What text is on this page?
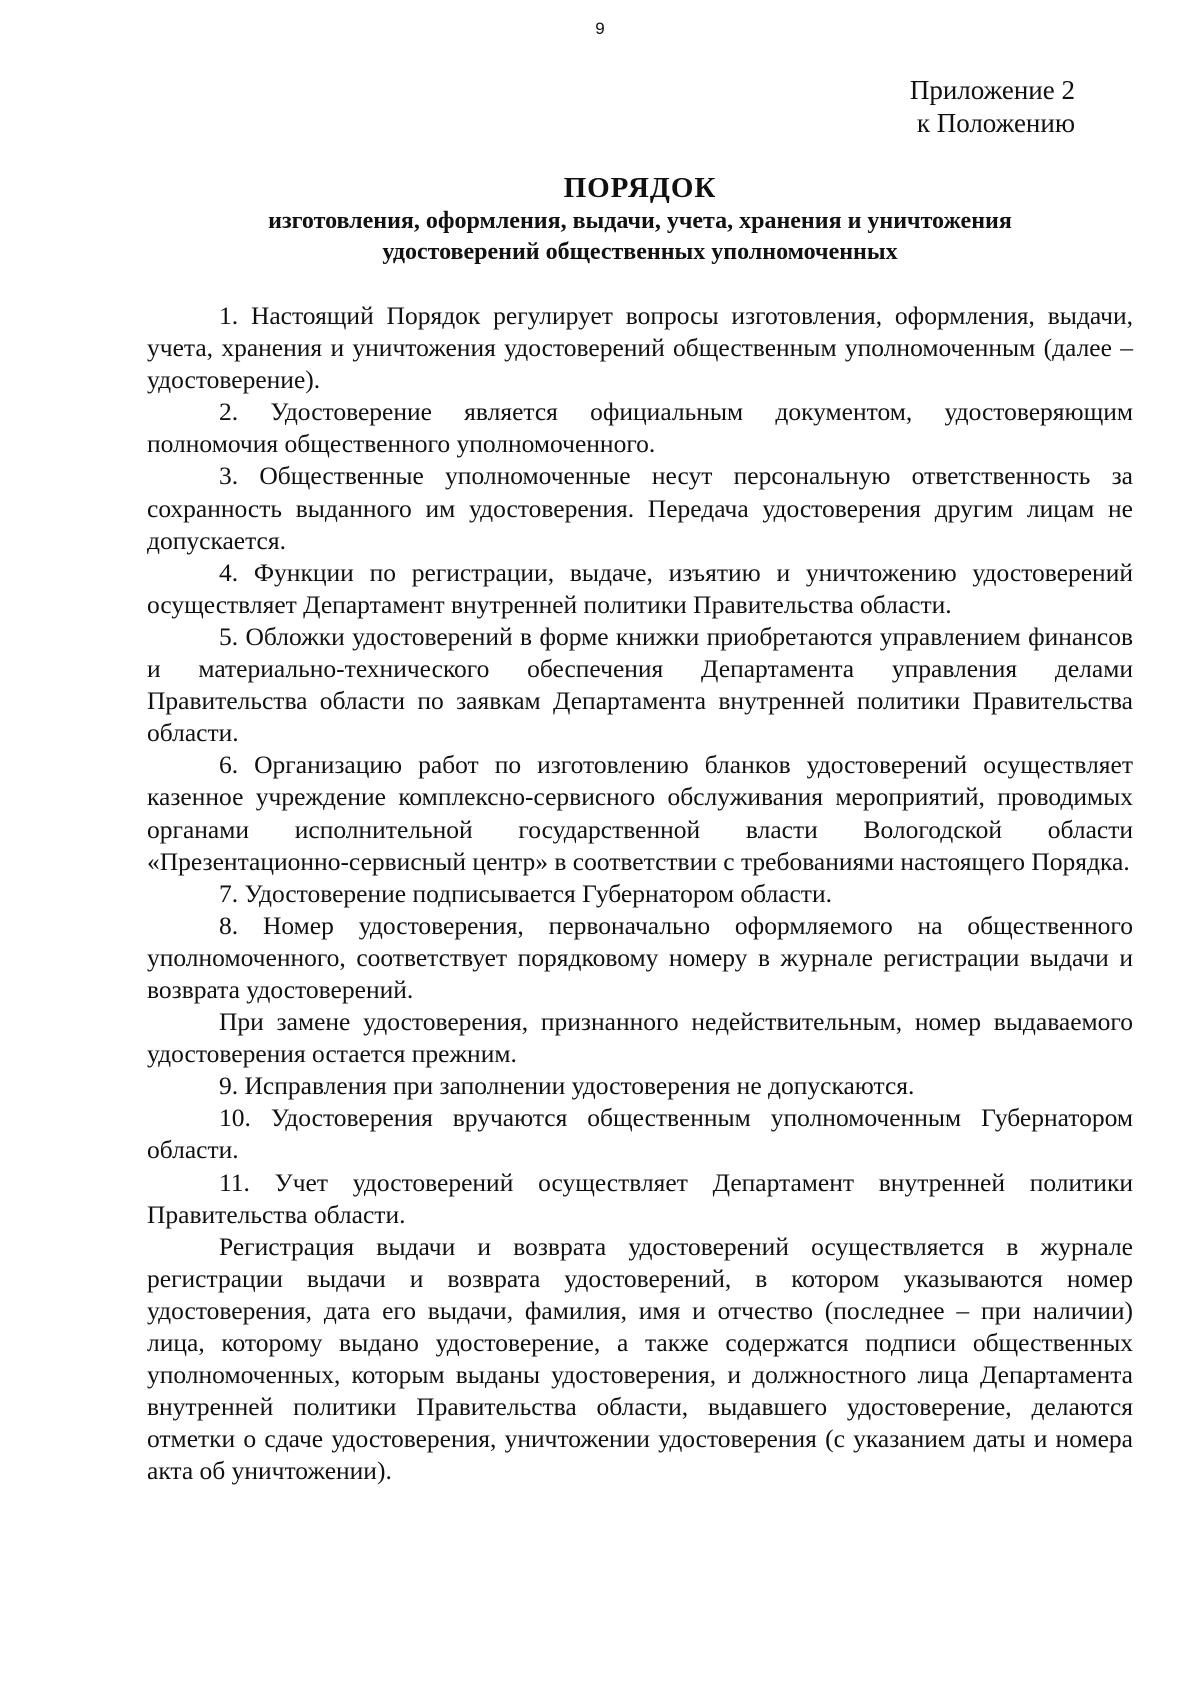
9
Приложение 2
к Положению
ПОРЯДОК
изготовления, оформления, выдачи, учета, хранения и уничтожения
удостоверений общественных уполномоченных

1. Настоящий Порядок регулирует вопросы изготовления, оформления, выдачи, учета, хранения и уничтожения удостоверений общественным уполномоченным (далее – удостоверение).

2. Удостоверение является официальным документом, удостоверяющим полномочия общественного уполномоченного.

3. Общественные уполномоченные несут персональную ответственность за сохранность выданного им удостоверения. Передача удостоверения другим лицам не допускается.

4. Функции по регистрации, выдаче, изъятию и уничтожению удостоверений осуществляет Департамент внутренней политики Правительства области.

5. Обложки удостоверений в форме книжки приобретаются управлением финансов и материально-технического обеспечения Департамента управления делами Правительства области по заявкам Департамента внутренней политики Правительства области.

6. Организацию работ по изготовлению бланков удостоверений осуществляет казенное учреждение комплексно-сервисного обслуживания мероприятий, проводимых органами исполнительной государственной власти Вологодской области «Презентационно-сервисный центр» в соответствии с требованиями настоящего Порядка.

7. Удостоверение подписывается Губернатором области.

8. Номер удостоверения, первоначально оформляемого на общественного уполномоченного, соответствует порядковому номеру в журнале регистрации выдачи и возврата удостоверений.

При замене удостоверения, признанного недействительным, номер выдаваемого удостоверения остается прежним.

9. Исправления при заполнении удостоверения не допускаются.

10. Удостоверения вручаются общественным уполномоченным Губернатором области.

11. Учет удостоверений осуществляет Департамент внутренней политики Правительства области.

Регистрация выдачи и возврата удостоверений осуществляется в журнале регистрации выдачи и возврата удостоверений, в котором указываются номер удостоверения, дата его выдачи, фамилия, имя и отчество (последнее – при наличии) лица, которому выдано удостоверение, а также содержатся подписи общественных уполномоченных, которым выданы удостоверения, и должностного лица Департамента внутренней политики Правительства области, выдавшего удостоверение, делаются отметки о сдаче удостоверения, уничтожении удостоверения (с указанием даты и номера акта об уничтожении).
